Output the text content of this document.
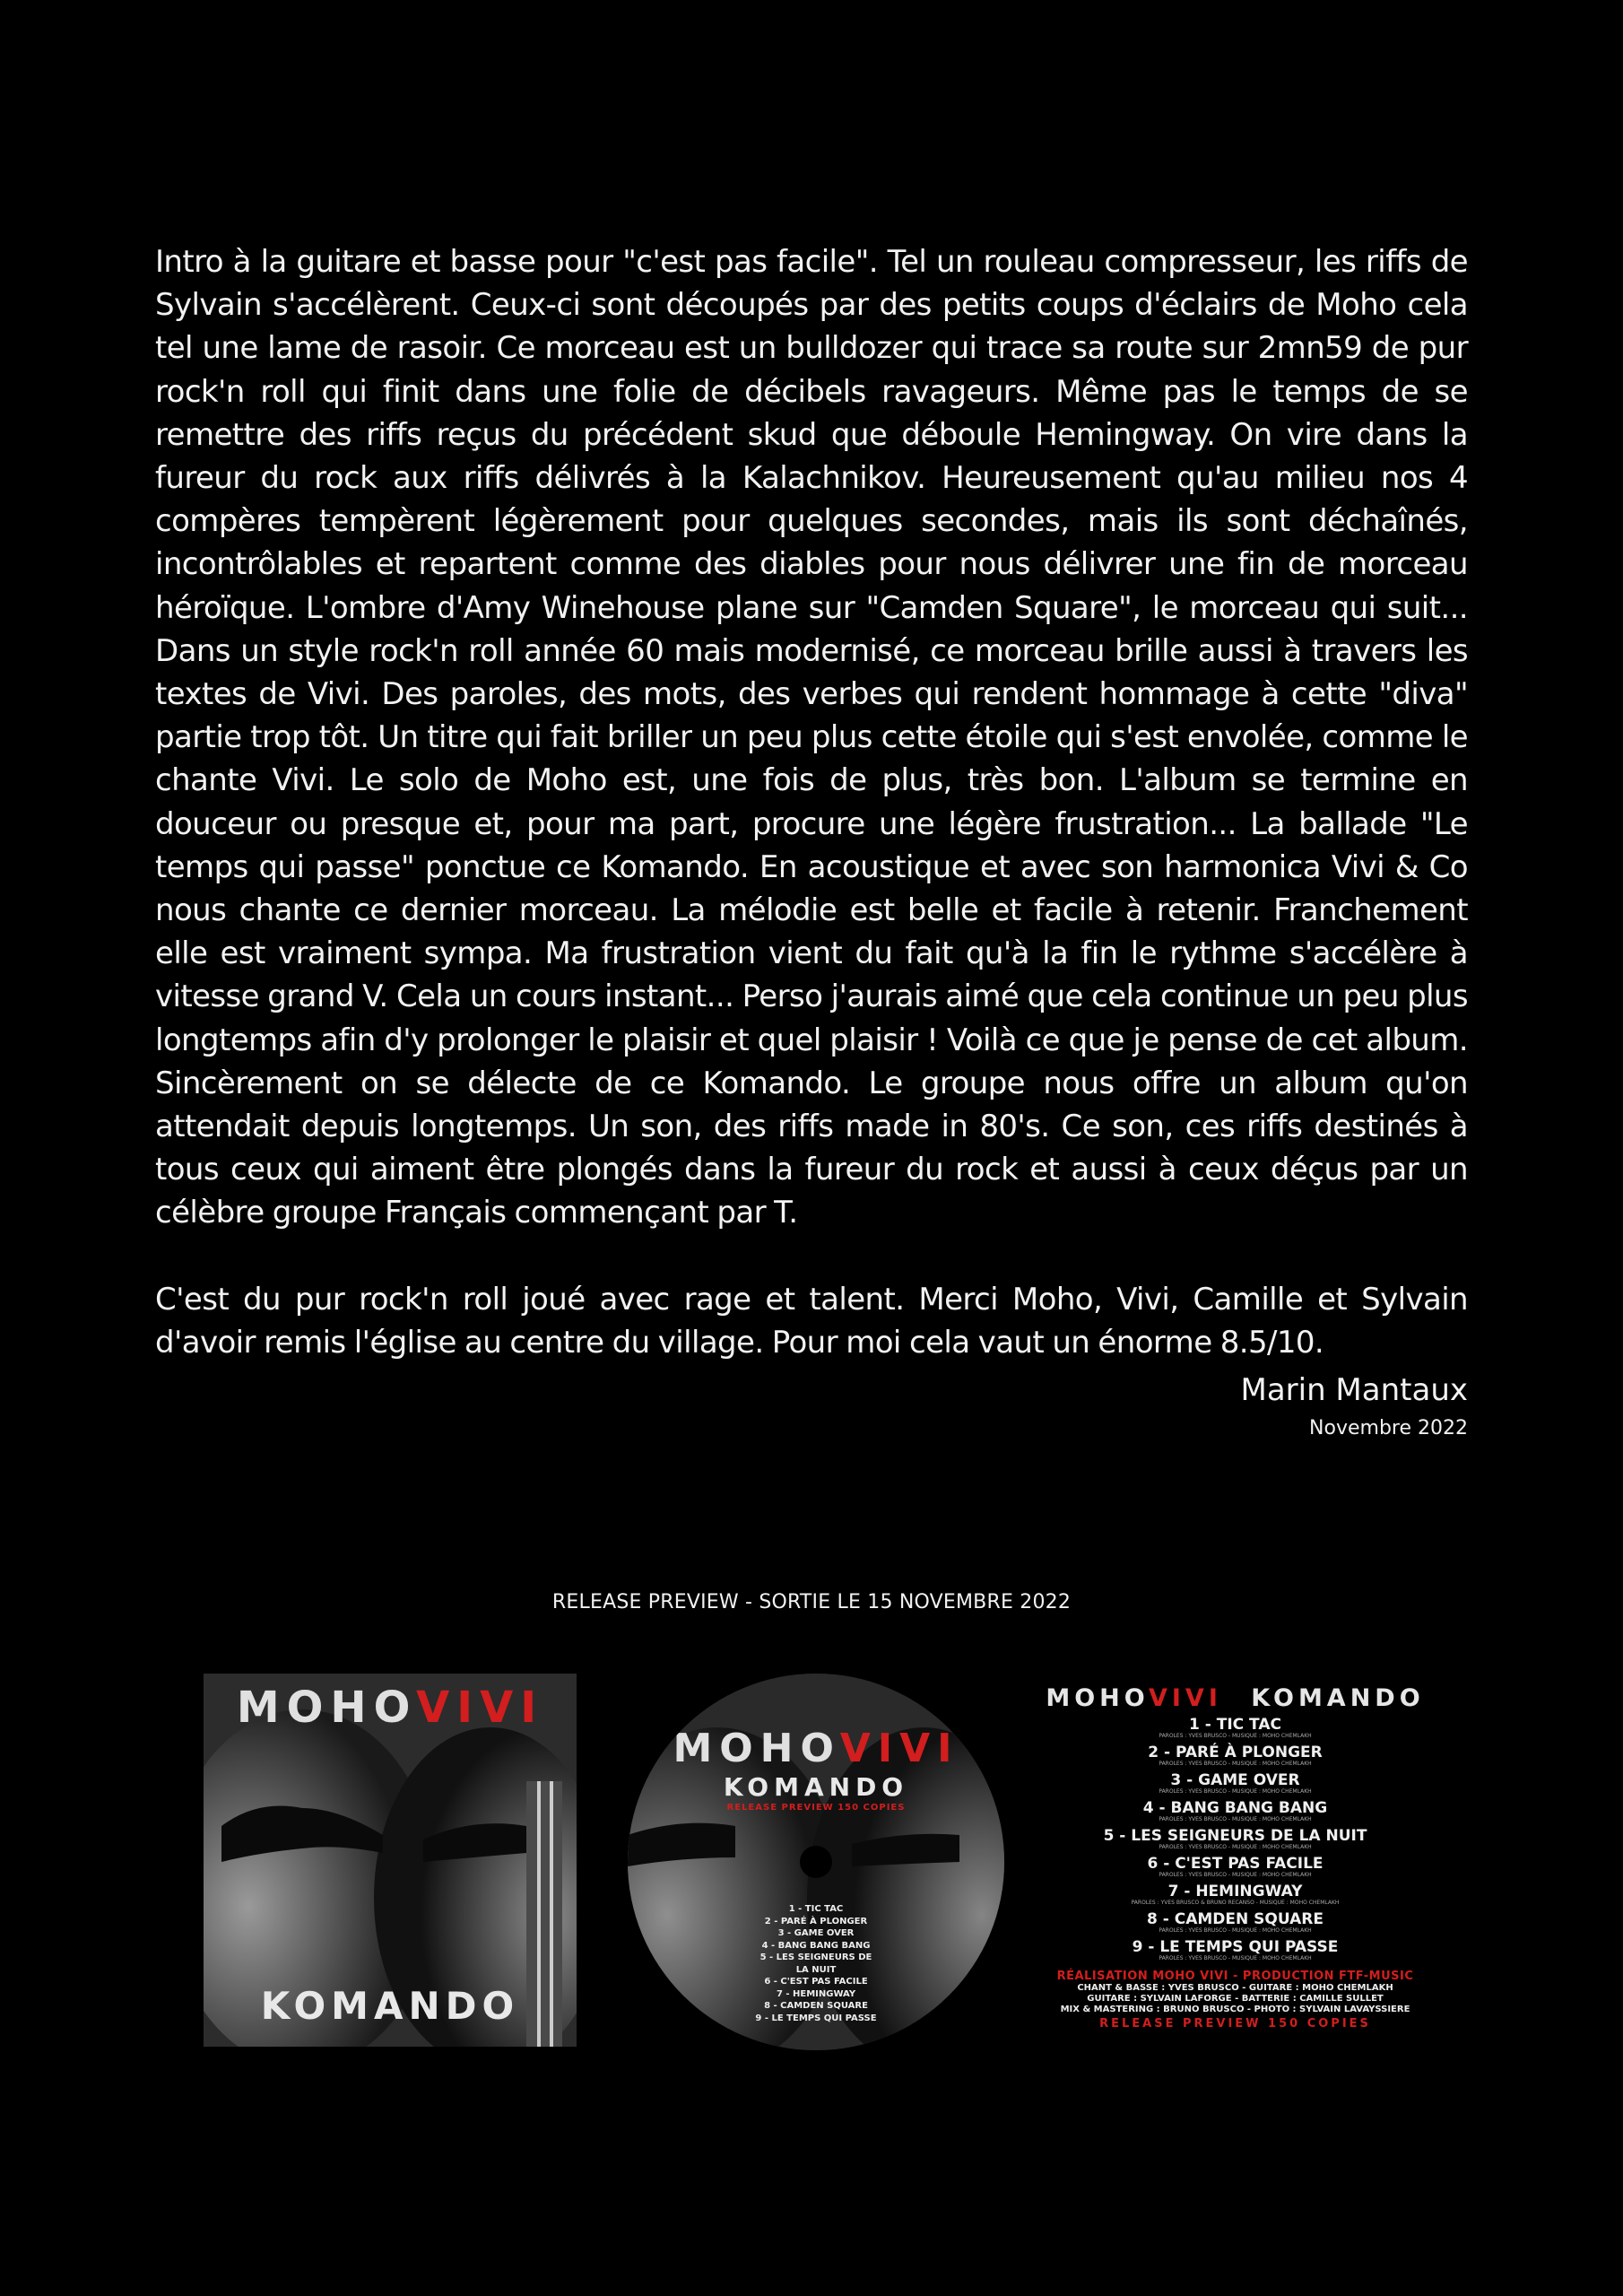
Intro à la guitare et basse pour "c'est pas facile". Tel un rouleau compresseur, les riffs de Sylvain s'accélèrent. Ceux-ci sont découpés par des petits coups d'éclairs de Moho cela tel une lame de rasoir. Ce morceau est un bulldozer qui trace sa route sur 2mn59 de pur rock'n roll qui finit dans une folie de décibels ravageurs. Même pas le temps de se remettre des riffs reçus du précédent skud que déboule Hemingway. On vire dans la fureur du rock aux riffs délivrés à la Kalachnikov. Heureusement qu'au milieu nos 4 compères tempèrent légèrement pour quelques secondes, mais ils sont déchaînés, incontrôlables et repartent comme des diables pour nous délivrer une fin de morceau héroïque. L'ombre d'Amy Winehouse plane sur "Camden Square", le morceau qui suit... Dans un style rock'n roll année 60 mais modernisé, ce morceau brille aussi à travers les textes de Vivi. Des paroles, des mots, des verbes qui rendent hommage à cette "diva" partie trop tôt. Un titre qui fait briller un peu plus cette étoile qui s'est envolée, comme le chante Vivi. Le solo de Moho est, une fois de plus, très bon. L'album se termine en douceur ou presque et, pour ma part, procure une légère frustration... La ballade "Le temps qui passe" ponctue ce Komando. En acoustique et avec son harmonica Vivi & Co nous chante ce dernier morceau. La mélodie est belle et facile à retenir. Franchement elle est vraiment sympa. Ma frustration vient du fait qu'à la fin le rythme s'accélère à vitesse grand V. Cela un cours instant... Perso j'aurais aimé que cela continue un peu plus longtemps afin d'y prolonger le plaisir et quel plaisir ! Voilà ce que je pense de cet album. Sincèrement on se délecte de ce Komando. Le groupe nous offre un album qu'on attendait depuis longtemps. Un son, des riffs made in 80's. Ce son, ces riffs destinés à tous ceux qui aiment être plongés dans la fureur du rock et aussi à ceux déçus par un célèbre groupe Français commençant par T.

C'est du pur rock'n roll joué avec rage et talent. Merci Moho, Vivi, Camille et Sylvain d'avoir remis l'église au centre du village. Pour moi cela vaut un énorme 8.5/10.

Marin Mantaux
Novembre 2022
RELEASE PREVIEW - SORTIE LE 15 NOVEMBRE 2022
MOHOVIVI
KOMANDO
MOHOVIVI
KOMANDO
RELEASE PREVIEW 150 COPIES
1 - TIC TAC
2 - PARÉ À PLONGER
3 - GAME OVER
4 - BANG BANG BANG
5 - LES SEIGNEURS DE LA NUIT
6 - C'EST PAS FACILE
7 - HEMINGWAY
8 - CAMDEN SQUARE
9 - LE TEMPS QUI PASSE
MOHOVIVI KOMANDO
1 - TIC TAC
PAROLES : YVES BRUSCO - MUSIQUE : MOHO CHEMLAKH
2 - PARÉ À PLONGER
PAROLES : YVES BRUSCO - MUSIQUE : MOHO CHEMLAKH
3 - GAME OVER
PAROLES : YVES BRUSCO - MUSIQUE : MOHO CHEMLAKH
4 - BANG BANG BANG
PAROLES : YVES BRUSCO - MUSIQUE : MOHO CHEMLAKH
5 - LES SEIGNEURS DE LA NUIT
PAROLES : YVES BRUSCO - MUSIQUE : MOHO CHEMLAKH
6 - C'EST PAS FACILE
PAROLES : YVES BRUSCO - MUSIQUE : MOHO CHEMLAKH
7 - HEMINGWAY
PAROLES : YVES BRUSCO & BRUNO RECANSO - MUSIQUE : MOHO CHEMLAKH
8 - CAMDEN SQUARE
PAROLES : YVES BRUSCO - MUSIQUE : MOHO CHEMLAKH
9 - LE TEMPS QUI PASSE
PAROLES : YVES BRUSCO - MUSIQUE : MOHO CHEMLAKH
RÉALISATION MOHO VIVI - PRODUCTION FTF-MUSIC
CHANT & BASSE : YVES BRUSCO - GUITARE : MOHO CHEMLAKH
GUITARE : SYLVAIN LAFORGE - BATTERIE : CAMILLE SULLET
MIX & MASTERING : BRUNO BRUSCO - PHOTO : SYLVAIN LAVAYSSIERE
RELEASE PREVIEW 150 COPIES
